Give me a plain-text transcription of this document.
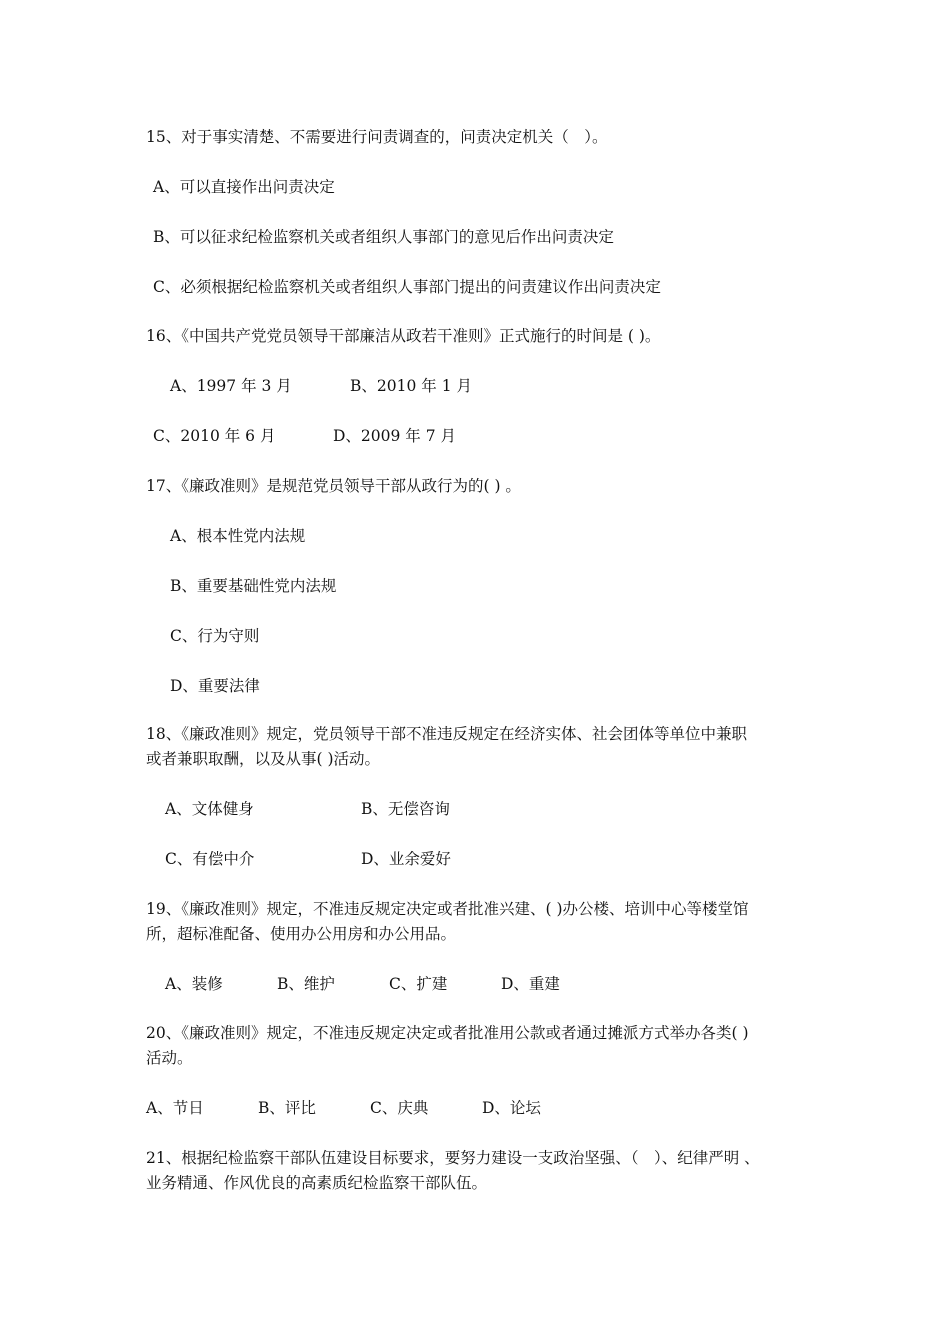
15、对于事实清楚、不需要进行问责调查的，问责决定机关（　）。
A、可以直接作出问责决定
B、可以征求纪检监察机关或者组织人事部门的意见后作出问责决定
C、必须根据纪检监察机关或者组织人事部门提出的问责建议作出问责决定
16、《中国共产党党员领导干部廉洁从政若干准则》正式施行的时间是 ( )。
A、1997 年 3 月	B、2010 年 1 月
C、2010 年 6 月	D、2009 年 7 月
17、《廉政准则》是规范党员领导干部从政行为的( ) 。
A、根本性党内法规
B、重要基础性党内法规
C、行为守则
D、重要法律
18、《廉政准则》规定，党员领导干部不准违反规定在经济实体、社会团体等单位中兼职
或者兼职取酬，以及从事( )活动。
A、文体健身	B、无偿咨询
C、有偿中介	D、业余爱好
19、《廉政准则》规定，不准违反规定决定或者批准兴建、( )办公楼、培训中心等楼堂馆
所，超标准配备、使用办公用房和办公用品。
A、装修	B、维护	C、扩建	D、重建
20、《廉政准则》规定，不准违反规定决定或者批准用公款或者通过摊派方式举办各类( )
活动。
A、节日	B、评比	C、庆典	D、论坛
21、根据纪检监察干部队伍建设目标要求，要努力建设一支政治坚强、（　）、纪律严明 、
业务精通、作风优良的高素质纪检监察干部队伍。
